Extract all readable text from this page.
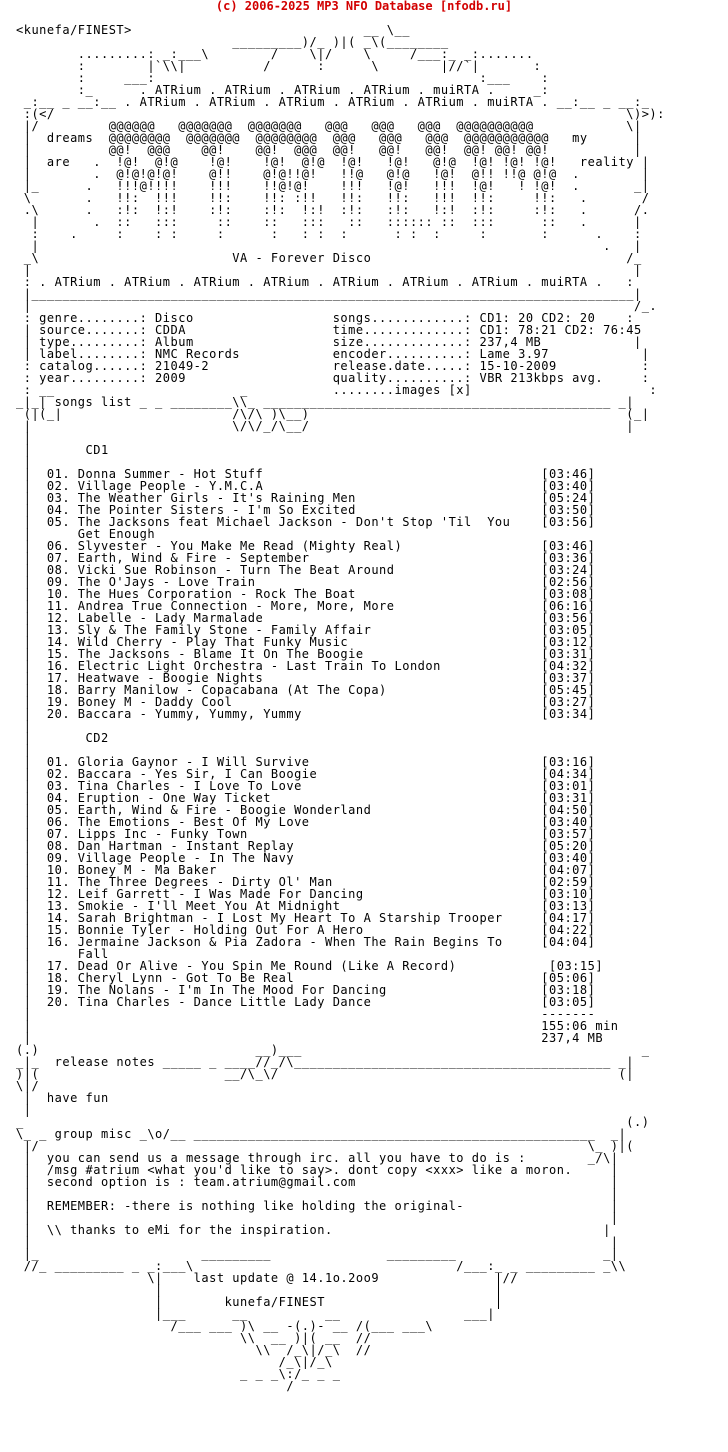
(c) 2006-2025 MP3 NFO Database [nfodb.ru]
<kunefa/FINEST>                              __ \__
_________)/_ )|( _\(________
.........: _:___\        /    \|/    \     /___:_ _:.......
:        |`\\|          /      :      \        |//`|       :
:     ___:                                          :___    :
:_      . ATRium . ATRium . ATRium . ATRium . muiRTA .     _:
_:__ _ __:__ . ATRium . ATRium . ATRium . ATRium . ATRium . muiRTA . __:__ _ __:_
:(</                                                                          \)>):
|/         @@@@@@   @@@@@@@  @@@@@@@   @@@   @@@   @@@  @@@@@@@@@@            \|
|  dreams  @@@@@@@@  @@@@@@@  @@@@@@@@  @@@   @@@   @@@  @@@@@@@@@@@   my      |
|          @@!  @@@    @@!    @@!  @@@  @@!   @@!   @@!  @@! @@! @@!           |
|  are   .  !@!  @!@    !@!    !@!  @!@  !@!   !@!   @!@  !@! !@! !@!   reality |
|        .  @!@!@!@!    @!!    @!@!!@!   !!@   @!@   !@!  @!! !!@ @!@  .        |
|_      .   !!!@!!!!    !!!    !!@!@!    !!!   !@!   !!!  !@!   ! !@!  .       _|
\       .   !!:  !!!    !!:    !!: :!!   !!:   !!:   !!!  !!:     !!:   .       /
.\      .   :!:  !:!    :!:    :!:  !:!  :!:   :!:   !:!  :!:     :!:   .      /.
|       .  ::   :::     ::    ::   :::   ::   :::::: ::  :::      ::   .      |
:    .     :    : :     :      :   : :  :      : :  :     :       :      .    :
|                                                                         .   |
_\                         VA - Forever Disco                                 /_
|                                                                              |
: . ATRium . ATRium . ATRium . ATRium . ATRium . ATRium . ATRium . muiRTA .   :
|______________________________________________________________________________|
|                                                                              /_.
: genre........: Disco                  songs............: CD1: 20 CD2: 20    :
| source.......: CDDA                   time.............: CD1: 78:21 CD2: 76:45
| type.........: Album                  size.............: 237,4 MB            |
| label........: NMC Records            encoder..........: Lame 3.97            |
: catalog......: 21049-2                release.date.....: 15-10-2009           :
: year.........: 2009                   quality..........: VBR 213kbps avg.     :
: __                        _           ........images [x]                       :
_|_| songs list _ _ ________\\_ _____________________________________________ _|
(|(_|                      /\/\ )\__)                                         (_|
|                          \/\/_/\__/                                         |
|
|       CD1
|
|  01. Donna Summer - Hot Stuff                                    [03:46]
|  02. Village People - Y.M.C.A                                    [03:40]
|  03. The Weather Girls - It's Raining Men                        [05:24]
|  04. The Pointer Sisters - I'm So Excited                        [03:50]
|  05. The Jacksons feat Michael Jackson - Don't Stop 'Til  You    [03:56]
|      Get Enough
|  06. Slyvester - You Make Me Read (Mighty Real)                  [03:46]
|  07. Earth, Wind & Fire - September                              [03:36]
|  08. Vicki Sue Robinson - Turn The Beat Around                   [03:24]
|  09. The O'Jays - Love Train                                     [02:56]
|  10. The Hues Corporation - Rock The Boat                        [03:08]
|  11. Andrea True Connection - More, More, More                   [06:16]
|  12. Labelle - Lady Marmalade                                    [03:56]
|  13. Sly & The Family Stone - Family Affair                      [03:05]
|  14. Wild Cherry - Play That Funky Music                         [03:12]
|  15. The Jacksons - Blame It On The Boogie                       [03:31]
|  16. Electric Light Orchestra - Last Train To London             [04:32]
|  17. Heatwave - Boogie Nights                                    [03:37]
|  18. Barry Manilow - Copacabana (At The Copa)                    [05:45]
|  19. Boney M - Daddy Cool                                        [03:27]
|  20. Baccara - Yummy, Yummy, Yummy                               [03:34]
|
|       CD2
|
|  01. Gloria Gaynor - I Will Survive                              [03:16]
|  02. Baccara - Yes Sir, I Can Boogie                             [04:34]
|  03. Tina Charles - I Love To Love                               [03:01]
|  04. Eruption - One Way Ticket                                   [03:31]
|  05. Earth, Wind & Fire - Boogie Wonderland                      [04:50]
|  06. The Emotions - Best Of My Love                              [03:40]
|  07. Lipps Inc - Funky Town                                      [03:57]
|  08. Dan Hartman - Instant Replay                                [05:20]
|  09. Village People - In The Navy                                [03:40]
|  10. Boney M - Ma Baker                                          [04:07]
|  11. The Three Degrees - Dirty Ol' Man                           [02:59]
|  12. Leif Garrett - I Was Made For Dancing                       [03:10]
|  13. Smokie - I'll Meet You At Midnight                          [03:13]
|  14. Sarah Brightman - I Lost My Heart To A Starship Trooper     [04:17]
|  15. Bonnie Tyler - Holding Out For A Hero                       [04:22]
|  16. Jermaine Jackson & Pia Zadora - When The Rain Begins To     [04:04]
|      Fall
|  17. Dead Or Alive - You Spin Me Round (Like A Record)            [03:15]
|  18. Cheryl Lynn - Got To Be Real                                [05:06]
|  19. The Nolans - I'm In The Mood For Dancing                    [03:18]
|  20. Tina Charles - Dance Little Lady Dance                      [03:05]
|                                                                  -------
|                                                                  155:06 min
|                                                                  237,4 MB
(.)                            __)___                                            _
_|_  release notes _____ _ ____//_/\_________________________________________ _|
)|(                        __/\_\/                                            (|
\|/
|  have fun
|
_                                                                              (.)
\_ _ group misc _\o/__ ____________________________________________________  _|
|/                                                                       \_ )|(
|  you can send us a message through irc. all you have to do is :        _/\|
|  /msg #atrium <what you'd like to say>. dont copy <xxx> like a moron.     |
|  second option is : team.atrium@gmail.com                                 |
|                                                                           |
|  REMEMBER: -there is nothing like holding the original-                   |
|                                                                           |
|  \\ thanks to eMi for the inspiration.                                   |
|                                                                           |
|_                     _________               _________                   _|
//_ _________ _ _:___\                                  /___:_ _ _________ _\\
\|    last update @ 14.1o.2oo9               |//
|                                           |
|        kunefa/FINEST                      |
|___      __          __                ___|
/___ ___ )\ __ -(.)- __ /(___ ___\
\\  __ )|( __  //
\\  /_\|/_\  //
/_\|/_\
_ _ _\:/_ _ _
/
